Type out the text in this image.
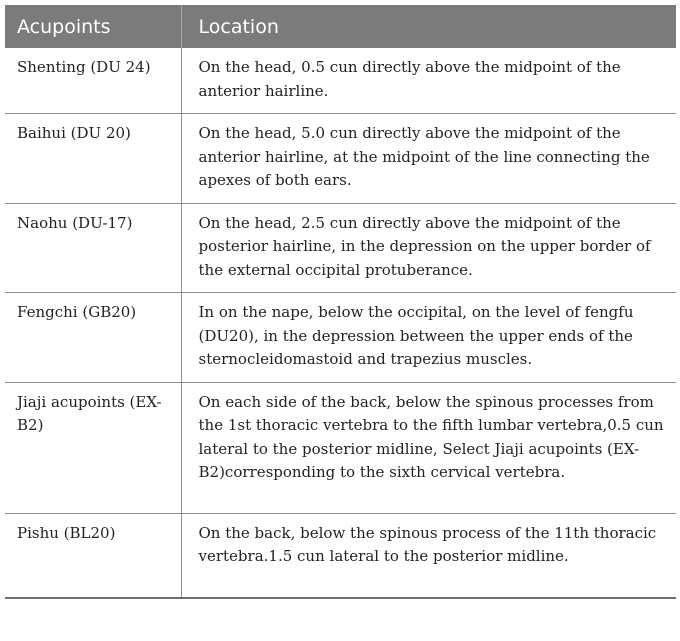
Acupoints	Location
Shenting (DU 24)	On the head, 0.5 cun directly above the midpoint of the anterior hairline.
Baihui (DU 20)	On the head, 5.0 cun directly above the midpoint of the anterior hairline, at the midpoint of the line connecting the apexes of both ears.
Naohu (DU-17)	On the head, 2.5 cun directly above the midpoint of the posterior hairline, in the depression on the upper border of the external occipital protuberance.
Fengchi (GB20)	In on the nape, below the occipital, on the level of fengfu (DU20), in the depression between the upper ends of the sternocleidomastoid and trapezius muscles.
Jiaji acupoints (EX-B2)	On each side of the back, below the spinous processes from the 1st thoracic vertebra to the fifth lumbar vertebra,0.5 cun lateral to the posterior midline, Select Jiaji acupoints (EX-B2)corresponding to the sixth cervical vertebra.
Pishu (BL20)	On the back, below the spinous process of the 11th thoracic vertebra.1.5 cun lateral to the posterior midline.
